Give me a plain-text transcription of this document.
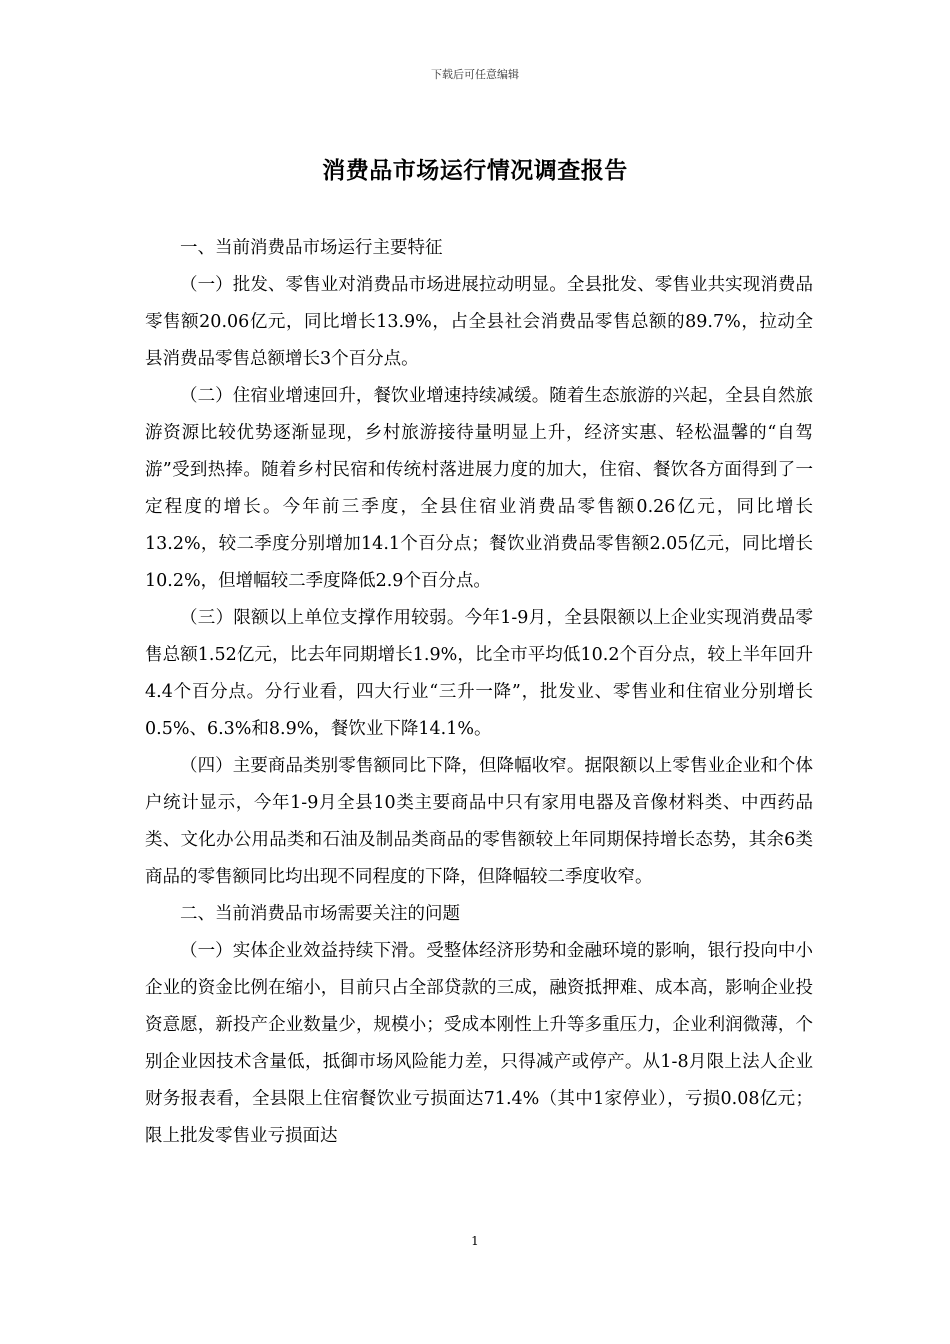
下载后可任意编辑
消费品市场运行情况调查报告

一、当前消费品市场运行主要特征

（一）批发、零售业对消费品市场进展拉动明显。全县批发、零售业共实现消费品零售额20.06亿元，同比增长13.9%，占全县社会消费品零售总额的89.7%，拉动全县消费品零售总额增长3个百分点。

（二）住宿业增速回升，餐饮业增速持续减缓。随着生态旅游的兴起，全县自然旅游资源比较优势逐渐显现，乡村旅游接待量明显上升，经济实惠、轻松温馨的“自驾游”受到热捧。随着乡村民宿和传统村落进展力度的加大，住宿、餐饮各方面得到了一定程度的增长。今年前三季度，全县住宿业消费品零售额0.26亿元，同比增长13.2%，较二季度分别增加14.1个百分点；餐饮业消费品零售额2.05亿元，同比增长10.2%，但增幅较二季度降低2.9个百分点。

（三）限额以上单位支撑作用较弱。今年1-9月，全县限额以上企业实现消费品零售总额1.52亿元，比去年同期增长1.9%，比全市平均低10.2个百分点，较上半年回升4.4个百分点。分行业看，四大行业“三升一降”，批发业、零售业和住宿业分别增长0.5%、6.3%和8.9%，餐饮业下降14.1%。

（四）主要商品类别零售额同比下降，但降幅收窄。据限额以上零售业企业和个体户统计显示，今年1-9月全县10类主要商品中只有家用电器及音像材料类、中西药品类、文化办公用品类和石油及制品类商品的零售额较上年同期保持增长态势，其余6类商品的零售额同比均出现不同程度的下降，但降幅较二季度收窄。

二、当前消费品市场需要关注的问题

（一）实体企业效益持续下滑。受整体经济形势和金融环境的影响，银行投向中小企业的资金比例在缩小，目前只占全部贷款的三成，融资抵押难、成本高，影响企业投资意愿，新投产企业数量少，规模小；受成本刚性上升等多重压力，企业利润微薄，个别企业因技术含量低，抵御市场风险能力差，只得减产或停产。从1-8月限上法人企业财务报表看，全县限上住宿餐饮业亏损面达71.4%（其中1家停业），亏损0.08亿元；限上批发零售业亏损面达

1
